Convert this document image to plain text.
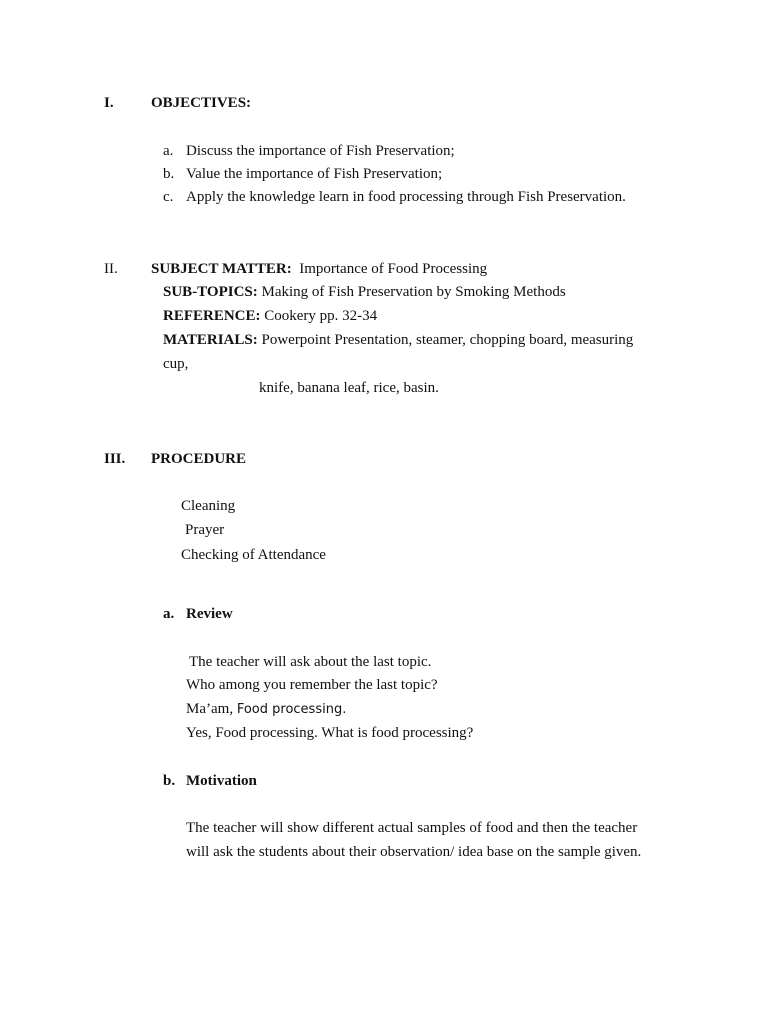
I. OBJECTIVES:
a. Discuss the importance of Fish Preservation;
b. Value the importance of Fish Preservation;
c. Apply the knowledge learn in food processing through Fish Preservation.
II. SUBJECT MATTER: Importance of Food Processing
SUB-TOPICS: Making of Fish Preservation by Smoking Methods
REFERENCE: Cookery pp. 32-34
MATERIALS: Powerpoint Presentation, steamer, chopping board, measuring
cup,
knife, banana leaf, rice, basin.
III. PROCEDURE
Cleaning
Prayer
Checking of Attendance
a. Review
The teacher will ask about the last topic.
Who among you remember the last topic?
Ma’am, Food processing.
Yes, Food processing. What is food processing?
b. Motivation
The teacher will show different actual samples of food and then the teacher
will ask the students about their observation/ idea base on the sample given.
